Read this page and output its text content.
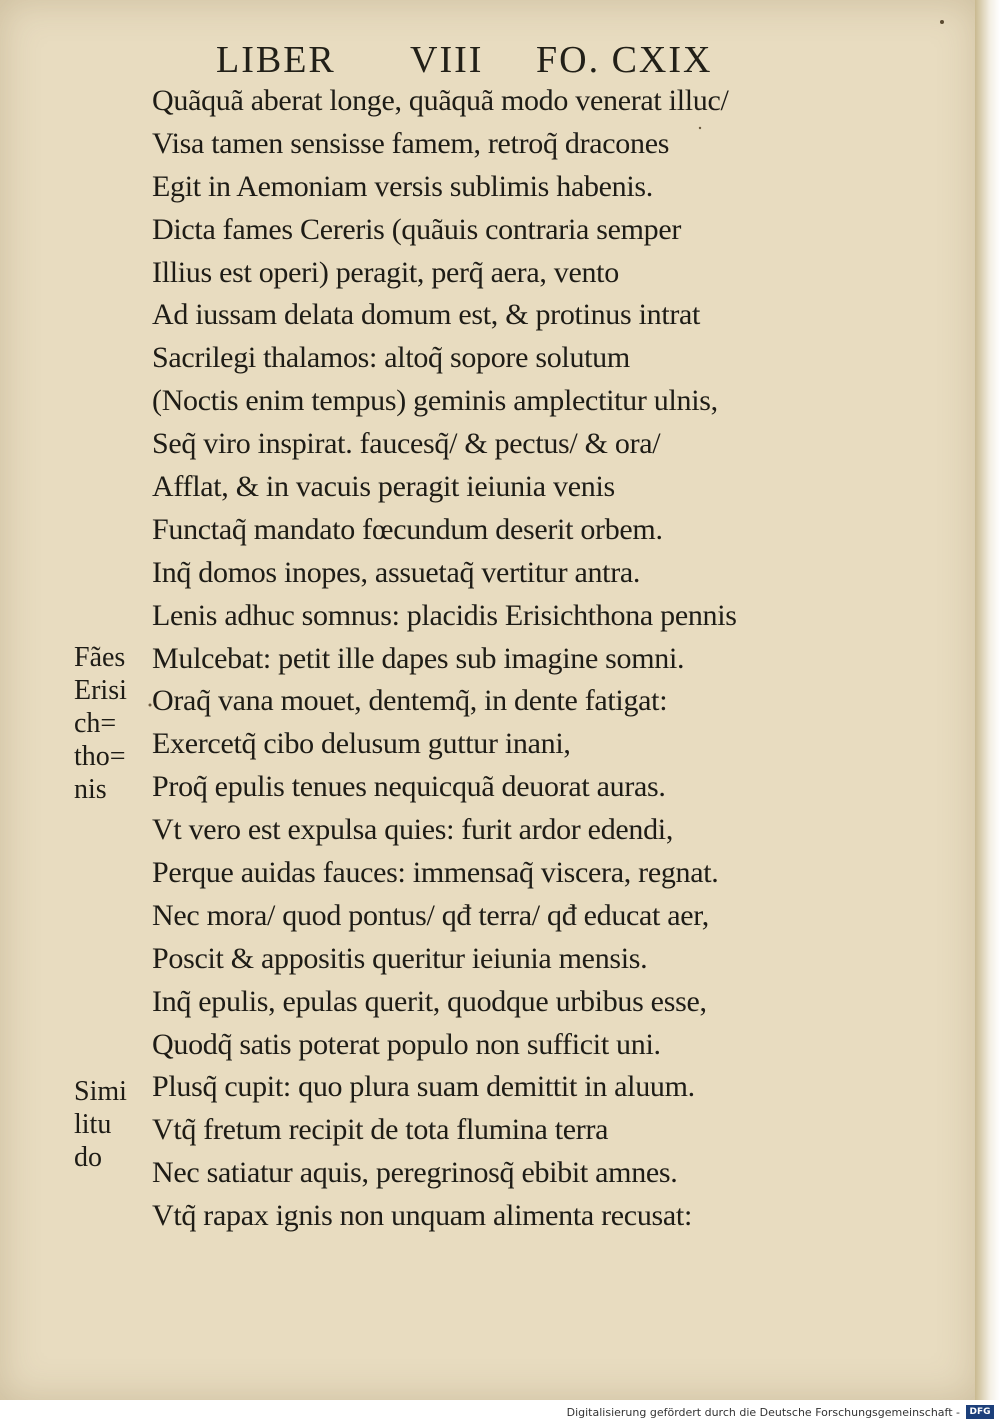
LIBER VIII FO. CXIX
Quãquã aberat longe, quãquã modo venerat illuc/
Visa tamen sensisse famem, retroq̃ dracones
Egit in Aemoniam versis sublimis habenis.
Dicta fames Cereris (quãuis contraria semper
Illius est operi) peragit, perq̃ aera, vento
Ad iussam delata domum est, & protinus intrat
Sacrilegi thalamos: altoq̃ sopore solutum
(Noctis enim tempus) geminis amplectitur ulnis,
Seq̃ viro inspirat. faucesq̃/ & pectus/ & ora/
Afflat, & in vacuis peragit ieiunia venis
Functaq̃ mandato fœcundum deserit orbem.
Inq̃ domos inopes, assuetaq̃ vertitur antra.
Lenis adhuc somnus: placidis Erisichthona pennis
Mulcebat: petit ille dapes sub imagine somni.
Oraq̃ vana mouet, dentemq̃, in dente fatigat:
Exercetq̃ cibo delusum guttur inani,
Proq̃ epulis tenues nequicquã deuorat auras.
Vt vero est expulsa quies: furit ardor edendi,
Perque auidas fauces: immensaq̃ viscera, regnat.
Nec mora/ quod pontus/ qđ terra/ qđ educat aer,
Poscit & appositis queritur ieiunia mensis.
Inq̃ epulis, epulas querit, quodque urbibus esse,
Quodq̃ satis poterat populo non sufficit uni.
Plusq̃ cupit: quo plura suam demittit in aluum.
Vtq̃ fretum recipit de tota flumina terra
Nec satiatur aquis, peregrinosq̃ ebibit amnes.
Vtq̃ rapax ignis non unquam alimenta recusat:
Fães
Erisi
ch=
tho=
nis
Simi
litu
do
Digitalisierung gefördert durch die Deutsche Forschungsgemeinschaft -	DFG
